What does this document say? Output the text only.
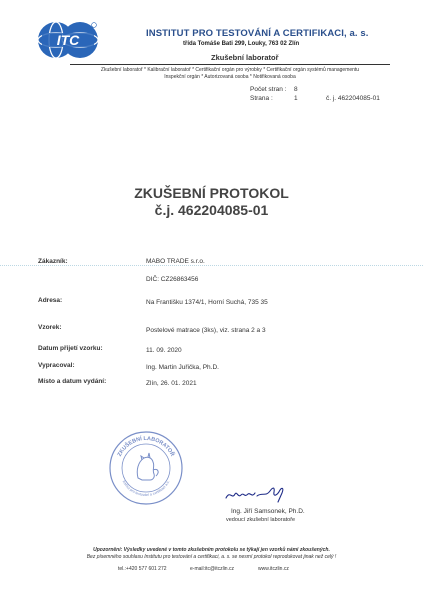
ITC	INSTITUT PRO TESTOVÁNÍ A CERTIFIKACI, a. s.
třída Tomáše Bati 299, Louky, 763 02 Zlín
Zkušební laboratoř
Zkušební laboratoř * Kalibrační laboratoř * Certifikační orgán pro výrobky * Certifikační orgán systémů managementu
Inspekční orgán * Autorizovaná osoba * Notifikovaná osoba
Počet stran : 8
Strana :	1	č. j. 462204085-01
ZKUŠEBNÍ PROTOKOL
č.j. 462204085-01
Zákazník:	MABO TRADE s.r.o.
DIČ: CZ26863456
Adresa:	Na Františku 1374/1, Horní Suchá, 735 35
Vzorek:	Postelové matrace (3ks), viz. strana 2 a 3
Datum přijetí vzorku:	11. 09. 2020
Vypracoval:	Ing. Martin Juřička, Ph.D.
Místo a datum vydání:	Zlín, 26. 01. 2021
ZKUŠEBNÍ LABORATOŘ
Institut pro testování a certifikaci a.s.
Ing. Jiří Samsonek, Ph.D.
vedoucí zkušební laboratoře
Upozornění: Výsledky uvedené v tomto zkušebním protokolu se týkají jen vzorků námi zkoušených.
Bez písemného souhlasu Institutu pro testování a certifikaci, a. s. se nesmí protokol reprodukovat jinak než celý !
tel.:+420 577 601 272	e-mail:itc@itczlin.cz	www.itczlin.cz
